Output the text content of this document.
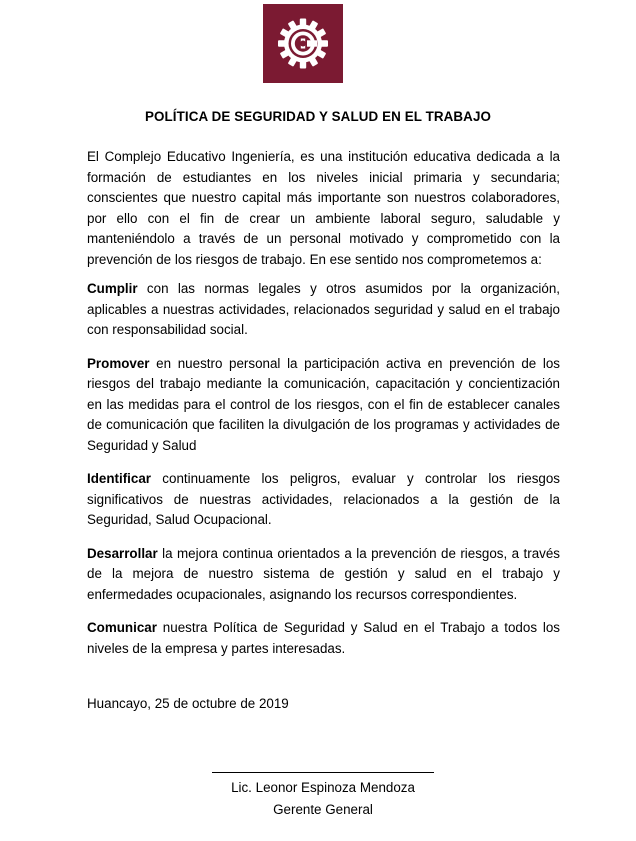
POLÍTICA DE SEGURIDAD Y SALUD EN EL TRABAJO

El Complejo Educativo Ingeniería, es una institución educativa dedicada a la formación de estudiantes en los niveles inicial primaria y secundaria; conscientes que nuestro capital más importante son nuestros colaboradores, por ello con el fin de crear un ambiente laboral seguro, saludable y manteniéndolo a través de un personal motivado y comprometido con la prevención de los riesgos de trabajo. En ese sentido nos comprometemos a:

Cumplir con las normas legales y otros asumidos por la organización, aplicables a nuestras actividades, relacionados seguridad y salud en el trabajo con responsabilidad social.

Promover en nuestro personal la participación activa en prevención de los riesgos del trabajo mediante la comunicación, capacitación y concientización en las medidas para el control de los riesgos, con el fin de establecer canales de comunicación que faciliten la divulgación de los programas y actividades de Seguridad y Salud

Identificar continuamente los peligros, evaluar y controlar los riesgos significativos de nuestras actividades, relacionados a la gestión de la Seguridad, Salud Ocupacional.

Desarrollar la mejora continua orientados a la prevención de riesgos, a través de la mejora de nuestro sistema de gestión y salud en el trabajo y enfermedades ocupacionales, asignando los recursos correspondientes.

Comunicar nuestra Política de Seguridad y Salud en el Trabajo a todos los niveles de la empresa y partes interesadas.

Huancayo, 25 de octubre de 2019
Lic. Leonor Espinoza Mendoza
Gerente General
